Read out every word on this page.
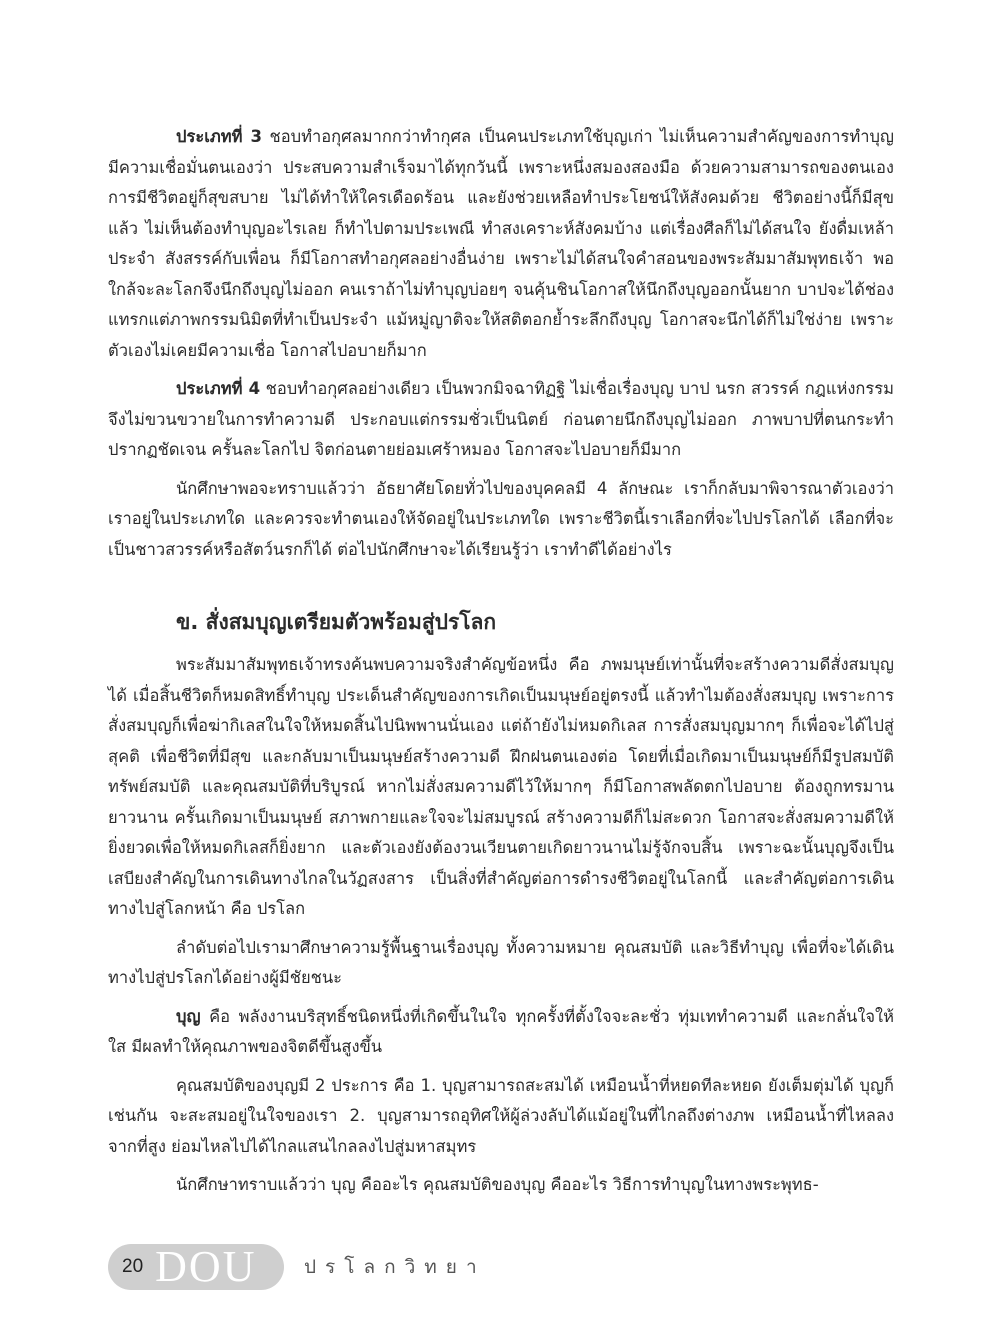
ประเภทที่ 3 ชอบทำอกุศลมากกว่าทำกุศล เป็นคนประเภทใช้บุญเก่า ไม่เห็นความสำคัญของการทำบุญ มีความเชื่อมั่นตนเองว่า ประสบความสำเร็จมาได้ทุกวันนี้ เพราะหนึ่งสมองสองมือ ด้วยความสามารถของตนเอง การมีชีวิตอยู่ก็สุขสบาย ไม่ได้ทำให้ใครเดือดร้อน และยังช่วยเหลือทำประโยชน์ให้สังคมด้วย ชีวิตอย่างนี้ก็มีสุขแล้ว ไม่เห็นต้องทำบุญอะไรเลย ก็ทำไปตามประเพณี ทำสงเคราะห์สังคมบ้าง แต่เรื่องศีลก็ไม่ได้สนใจ ยังดื่มเหล้าประจำ สังสรรค์กับเพื่อน ก็มีโอกาสทำอกุศลอย่างอื่นง่าย เพราะไม่ได้สนใจคำสอนของพระสัมมาสัมพุทธเจ้า พอใกล้จะละโลกจึงนึกถึงบุญไม่ออก คนเราถ้าไม่ทำบุญบ่อยๆ จนคุ้นชินโอกาสให้นึกถึงบุญออกนั้นยาก บาปจะได้ช่องแทรกแต่ภาพกรรมนิมิตที่ทำเป็นประจำ แม้หมู่ญาติจะให้สติตอกย้ำระลึกถึงบุญ โอกาสจะนึกได้ก็ไม่ใช่ง่าย เพราะตัวเองไม่เคยมีความเชื่อ โอกาสไปอบายก็มาก

ประเภทที่ 4 ชอบทำอกุศลอย่างเดียว เป็นพวกมิจฉาทิฏฐิ ไม่เชื่อเรื่องบุญ บาป นรก สวรรค์ กฎแห่งกรรม จึงไม่ขวนขวายในการทำความดี ประกอบแต่กรรมชั่วเป็นนิตย์ ก่อนตายนึกถึงบุญไม่ออก ภาพบาปที่ตนกระทำปรากฏชัดเจน ครั้นละโลกไป จิตก่อนตายย่อมเศร้าหมอง โอกาสจะไปอบายก็มีมาก

นักศึกษาพอจะทราบแล้วว่า อัธยาศัยโดยทั่วไปของบุคคลมี 4 ลักษณะ เราก็กลับมาพิจารณาตัวเองว่า เราอยู่ในประเภทใด และควรจะทำตนเองให้จัดอยู่ในประเภทใด เพราะชีวิตนี้เราเลือกที่จะไปปรโลกได้ เลือกที่จะเป็นชาวสวรรค์หรือสัตว์นรกก็ได้ ต่อไปนักศึกษาจะได้เรียนรู้ว่า เราทำดีได้อย่างไร

ข. สั่งสมบุญเตรียมตัวพร้อมสู่ปรโลก

พระสัมมาสัมพุทธเจ้าทรงค้นพบความจริงสำคัญข้อหนึ่ง คือ ภพมนุษย์เท่านั้นที่จะสร้างความดีสั่งสมบุญได้ เมื่อสิ้นชีวิตก็หมดสิทธิ์ทำบุญ ประเด็นสำคัญของการเกิดเป็นมนุษย์อยู่ตรงนี้ แล้วทำไมต้องสั่งสมบุญ เพราะการสั่งสมบุญก็เพื่อฆ่ากิเลสในใจให้หมดสิ้นไปนิพพานนั่นเอง แต่ถ้ายังไม่หมดกิเลส การสั่งสมบุญมากๆ ก็เพื่อจะได้ไปสู่สุคติ เพื่อชีวิตที่มีสุข และกลับมาเป็นมนุษย์สร้างความดี ฝึกฝนตนเองต่อ โดยที่เมื่อเกิดมาเป็นมนุษย์ก็มีรูปสมบัติ ทรัพย์สมบัติ และคุณสมบัติที่บริบูรณ์ หากไม่สั่งสมความดีไว้ให้มากๆ ก็มีโอกาสพลัดตกไปอบาย ต้องถูกทรมานยาวนาน ครั้นเกิดมาเป็นมนุษย์ สภาพกายและใจจะไม่สมบูรณ์ สร้างความดีก็ไม่สะดวก โอกาสจะสั่งสมความดีให้ยิ่งยวดเพื่อให้หมดกิเลสก็ยิ่งยาก และตัวเองยังต้องวนเวียนตายเกิดยาวนานไม่รู้จักจบสิ้น เพราะฉะนั้นบุญจึงเป็นเสบียงสำคัญในการเดินทางไกลในวัฏสงสาร เป็นสิ่งที่สำคัญต่อการดำรงชีวิตอยู่ในโลกนี้ และสำคัญต่อการเดินทางไปสู่โลกหน้า คือ ปรโลก

ลำดับต่อไปเรามาศึกษาความรู้พื้นฐานเรื่องบุญ ทั้งความหมาย คุณสมบัติ และวิธีทำบุญ เพื่อที่จะได้เดินทางไปสู่ปรโลกได้อย่างผู้มีชัยชนะ

บุญ คือ พลังงานบริสุทธิ์ชนิดหนึ่งที่เกิดขึ้นในใจ ทุกครั้งที่ตั้งใจจะละชั่ว ทุ่มเททำความดี และกลั่นใจให้ใส มีผลทำให้คุณภาพของจิตดีขึ้นสูงขึ้น

คุณสมบัติของบุญมี 2 ประการ คือ 1. บุญสามารถสะสมได้ เหมือนน้ำที่หยดทีละหยด ยังเต็มตุ่มได้ บุญก็เช่นกัน จะสะสมอยู่ในใจของเรา 2. บุญสามารถอุทิศให้ผู้ล่วงลับได้แม้อยู่ในที่ไกลถึงต่างภพ เหมือนน้ำที่ไหลลงจากที่สูง ย่อมไหลไปได้ไกลแสนไกลลงไปสู่มหาสมุทร

นักศึกษาทราบแล้วว่า บุญ คืออะไร คุณสมบัติของบุญ คืออะไร วิธีการทำบุญในทางพระพุทธ-

20 DOU	ปรโลกวิทยา
